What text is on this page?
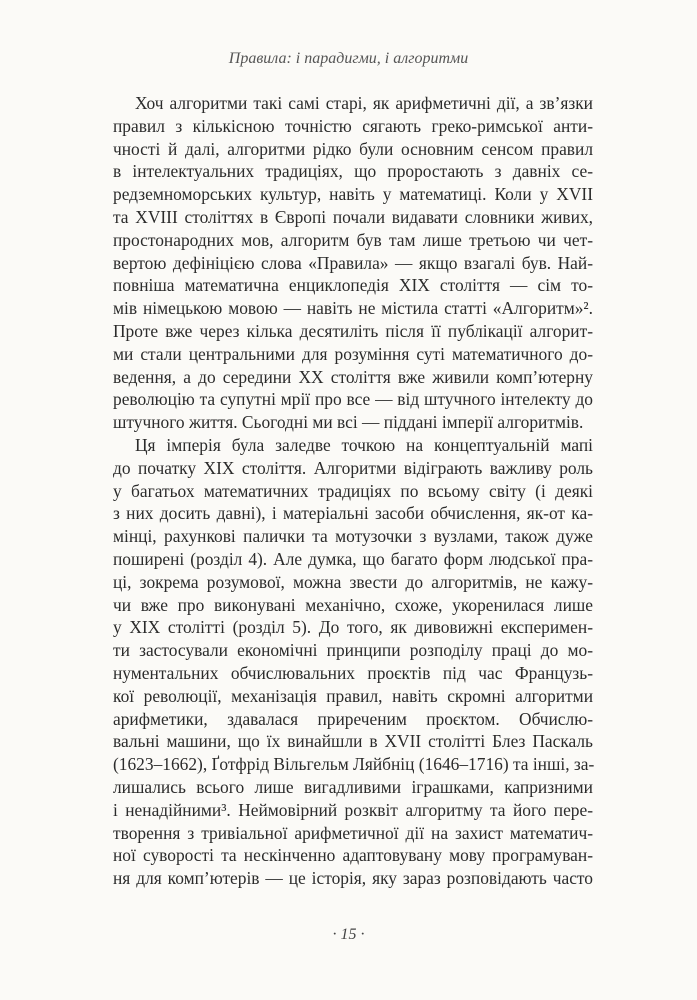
Правила: і парадигми, і алгоритми
Хоч алгоритми такі самі старі, як арифметичні дії, а зв’язки
правил з кількісною точністю сягають греко-римської анти-
чності й далі, алгоритми рідко були основним сенсом правил
в інтелектуальних традиціях, що проростають з давніх се-
редземноморських культур, навіть у математиці. Коли у XVII
та XVIII століттях в Європі почали видавати словники живих,
простонародних мов, алгоритм був там лише третьою чи чет-
вертою дефініцією слова «Правила» — якщо взагалі був. Най-
повніша математична енциклопедія XIX століття — сім то-
мів німецькою мовою — навіть не містила статті «Алгоритм»².
Проте вже через кілька десятиліть після її публікації алгорит-
ми стали центральними для розуміння суті математичного до-
ведення, а до середини XX століття вже живили комп’ютерну
революцію та супутні мрії про все — від штучного інтелекту до
штучного життя. Сьогодні ми всі — піддані імперії алгоритмів.
Ця імперія була заледве точкою на концептуальній мапі
до початку XIX століття. Алгоритми відіграють важливу роль
у багатьох математичних традиціях по всьому світу (і деякі
з них досить давні), і матеріальні засоби обчислення, як-от ка-
мінці, рахункові палички та мотузочки з вузлами, також дуже
поширені (розділ 4). Але думка, що багато форм людської пра-
ці, зокрема розумової, можна звести до алгоритмів, не кажу-
чи вже про виконувані механічно, схоже, укоренилася лише
у XIX столітті (розділ 5). До того, як дивовижні експеримен-
ти застосували економічні принципи розподілу праці до мо-
нументальних обчислювальних проєктів під час Французь-
кої революції, механізація правил, навіть скромні алгоритми
арифметики, здавалася приреченим проєктом. Обчислю-
вальні машини, що їх винайшли в XVII столітті Блез Паскаль
(1623–1662), Ґотфрід Вільгельм Ляйбніц (1646–1716) та інші, за-
лишались всього лише вигадливими іграшками, капризними
і ненадійними³. Неймовірний розквіт алгоритму та його пере-
творення з тривіальної арифметичної дії на захист математич-
ної суворості та нескінченно адаптовувану мову програмуван-
ня для комп’ютерів — це історія, яку зараз розповідають часто
· 15 ·
